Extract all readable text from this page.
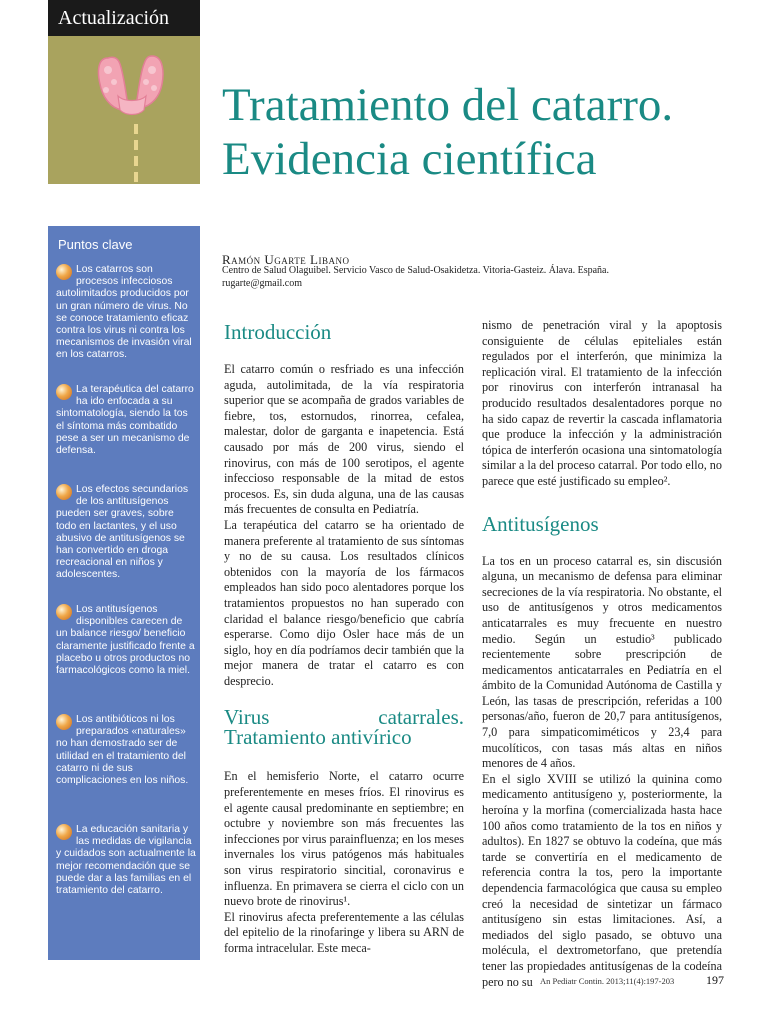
Actualización
Puntos clave
Los catarros son procesos infecciosos autolimitados producidos por un gran número de virus. No se conoce tratamiento eficaz contra los virus ni contra los mecanismos de invasión viral en los catarros.
La terapéutica del catarro ha ido enfocada a su sintomatología, siendo la tos el síntoma más combatido pese a ser un mecanismo de defensa.
Los efectos secundarios de los antitusígenos pueden ser graves, sobre todo en lactantes, y el uso abusivo de antitusígenos se han convertido en droga recreacional en niños y adolescentes.
Los antitusígenos disponibles carecen de un balance riesgo/ beneficio claramente justificado frente a placebo u otros productos no farmacológicos como la miel.
Los antibióticos ni los preparados «naturales» no han demostrado ser de utilidad en el tratamiento del catarro ni de sus complicaciones en los niños.
La educación sanitaria y las medidas de vigilancia y cuidados son actualmente la mejor recomendación que se puede dar a las familias en el tratamiento del catarro.
Tratamiento del catarro. Evidencia científica
Ramón Ugarte Libano
Centro de Salud Olaguibel. Servicio Vasco de Salud-Osakidetza. Vitoria-Gasteiz. Álava. España.
rugarte@gmail.com
Introducción

El catarro común o resfriado es una infección aguda, autolimitada, de la vía respiratoria superior que se acompaña de grados variables de fiebre, tos, estornudos, rinorrea, cefalea, malestar, dolor de garganta e inapetencia. Está causado por más de 200 virus, siendo el rinovirus, con más de 100 serotipos, el agente infeccioso responsable de la mitad de estos procesos. Es, sin duda alguna, una de las causas más frecuentes de consulta en Pediatría.

La terapéutica del catarro se ha orientado de manera preferente al tratamiento de sus síntomas y no de su causa. Los resultados clínicos obtenidos con la mayoría de los fármacos empleados han sido poco alentadores porque los tratamientos propuestos no han superado con claridad el balance riesgo/beneficio que cabría esperarse. Como dijo Osler hace más de un siglo, hoy en día podríamos decir también que la mejor manera de tratar el catarro es con desprecio.

Virus catarrales. Tratamiento antivírico

En el hemisferio Norte, el catarro ocurre preferentemente en meses fríos. El rinovirus es el agente causal predominante en septiembre; en octubre y noviembre son más frecuentes las infecciones por virus parainfluenza; en los meses invernales los virus patógenos más habituales son virus respiratorio sincitial, coronavirus e influenza. En primavera se cierra el ciclo con un nuevo brote de rinovirus¹.

El rinovirus afecta preferentemente a las células del epitelio de la rinofaringe y libera su ARN de forma intracelular. Este meca-

nismo de penetración viral y la apoptosis consiguiente de células epiteliales están regulados por el interferón, que minimiza la replicación viral. El tratamiento de la infección por rinovirus con interferón intranasal ha producido resultados desalentadores porque no ha sido capaz de revertir la cascada inflamatoria que produce la infección y la administración tópica de interferón ocasiona una sintomatología similar a la del proceso catarral. Por todo ello, no parece que esté justificado su empleo².

Antitusígenos

La tos en un proceso catarral es, sin discusión alguna, un mecanismo de defensa para eliminar secreciones de la vía respiratoria. No obstante, el uso de antitusígenos y otros medicamentos anticatarrales es muy frecuente en nuestro medio. Según un estudio³ publicado recientemente sobre prescripción de medicamentos anticatarrales en Pediatría en el ámbito de la Comunidad Autónoma de Castilla y León, las tasas de prescripción, referidas a 100 personas/año, fueron de 20,7 para antitusígenos, 7,0 para simpaticomiméticos y 23,4 para mucolíticos, con tasas más altas en niños menores de 4 años.

En el siglo XVIII se utilizó la quinina como medicamento antitusígeno y, posteriormente, la heroína y la morfina (comercializada hasta hace 100 años como tratamiento de la tos en niños y adultos). En 1827 se obtuvo la codeína, que más tarde se convertiría en el medicamento de referencia contra la tos, pero la importante dependencia farmacológica que causa su empleo creó la necesidad de sintetizar un fármaco antitusígeno sin estas limitaciones. Así, a mediados del siglo pasado, se obtuvo una molécula, el dextrometorfano, que pretendía tener las propiedades antitusígenas de la codeína pero no su An Pediatr Contin. 2013;11(4):197-203	197
